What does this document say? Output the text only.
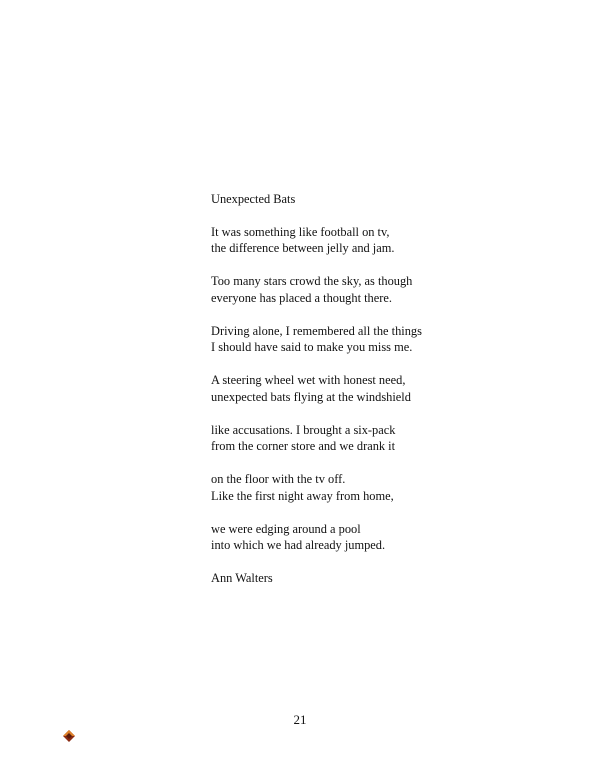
Unexpected Bats

It was something like football on tv,
the difference between jelly and jam.

Too many stars crowd the sky, as though
everyone has placed a thought there.

Driving alone, I remembered all the things
I should have said to make you miss me.

A steering wheel wet with honest need,
unexpected bats flying at the windshield

like accusations. I brought a six-pack
from the corner store and we drank it

on the floor with the tv off.
Like the first night away from home,

we were edging around a pool
into which we had already jumped.

Ann Walters

21
